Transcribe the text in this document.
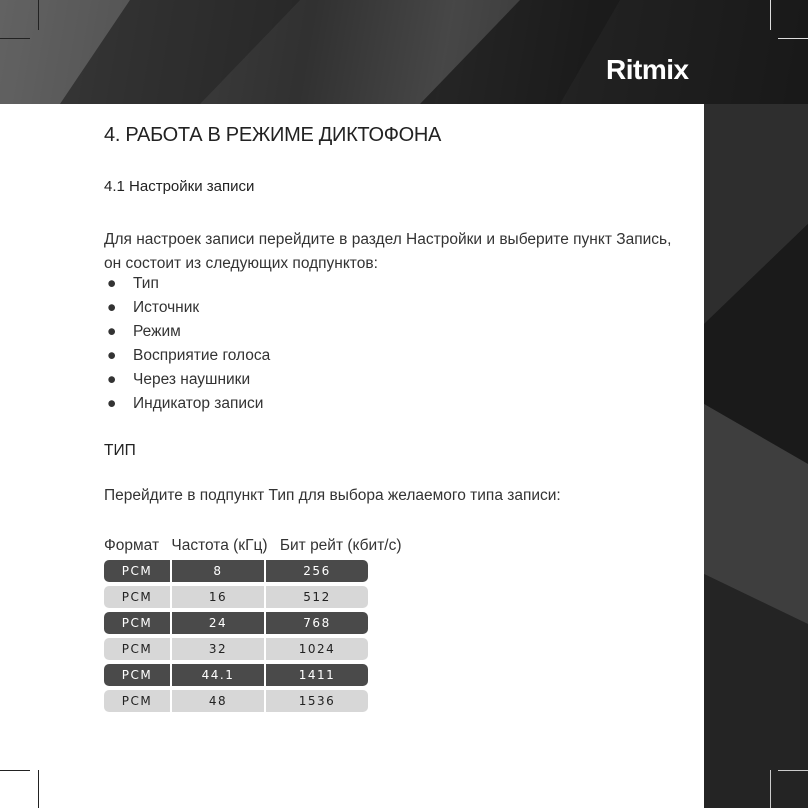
Ritmix
4. РАБОТА В РЕЖИМЕ ДИКТОФОНА
4.1 Настройки записи
Для настроек записи перейдите в раздел Настройки и выберите пункт Запись,
он состоит из следующих подпунктов:
● Тип
● Источник
● Режим
● Восприятие голоса
● Через наушники
● Индикатор записи
ТИП
Перейдите в подпункт Тип для выбора желаемого типа записи:
Формат Частота (кГц) Бит рейт (кбит/с)
PCM	8	256
PCM	16	512
PCM	24	768
PCM	32	1024
PCM	44.1	1411
PCM	48	1536
